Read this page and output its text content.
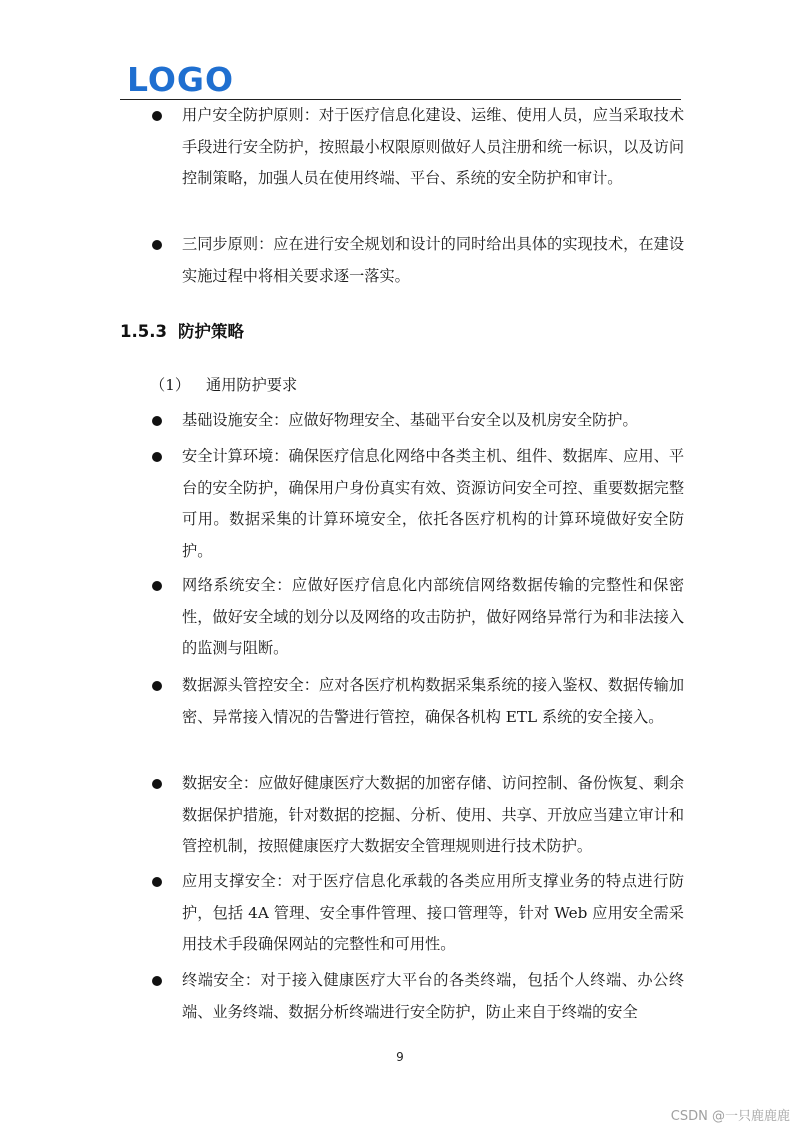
LOGO
用户安全防护原则：对于医疗信息化建设、运维、使用人员，应当采取技术手段进行安全防护，按照最小权限原则做好人员注册和统一标识，以及访问控制策略，加强人员在使用终端、平台、系统的安全防护和审计。
三同步原则：应在进行安全规划和设计的同时给出具体的实现技术，在建设实施过程中将相关要求逐一落实。
1.5.3 防护策略
（1） 通用防护要求
基础设施安全：应做好物理安全、基础平台安全以及机房安全防护。
安全计算环境：确保医疗信息化网络中各类主机、组件、数据库、应用、平台的安全防护，确保用户身份真实有效、资源访问安全可控、重要数据完整可用。数据采集的计算环境安全，依托各医疗机构的计算环境做好安全防护。
网络系统安全：应做好医疗信息化内部统信网络数据传输的完整性和保密性，做好安全域的划分以及网络的攻击防护，做好网络异常行为和非法接入的监测与阻断。
数据源头管控安全：应对各医疗机构数据采集系统的接入鉴权、数据传输加密、异常接入情况的告警进行管控，确保各机构 ETL 系统的安全接入。
数据安全：应做好健康医疗大数据的加密存储、访问控制、备份恢复、剩余数据保护措施，针对数据的挖掘、分析、使用、共享、开放应当建立审计和管控机制，按照健康医疗大数据安全管理规则进行技术防护。
应用支撑安全：对于医疗信息化承载的各类应用所支撑业务的特点进行防护，包括 4A 管理、安全事件管理、接口管理等，针对 Web 应用安全需采用技术手段确保网站的完整性和可用性。
终端安全：对于接入健康医疗大平台的各类终端，包括个人终端、办公终端、业务终端、数据分析终端进行安全防护，防止来自于终端的安全
9
CSDN @一只鹿鹿鹿
